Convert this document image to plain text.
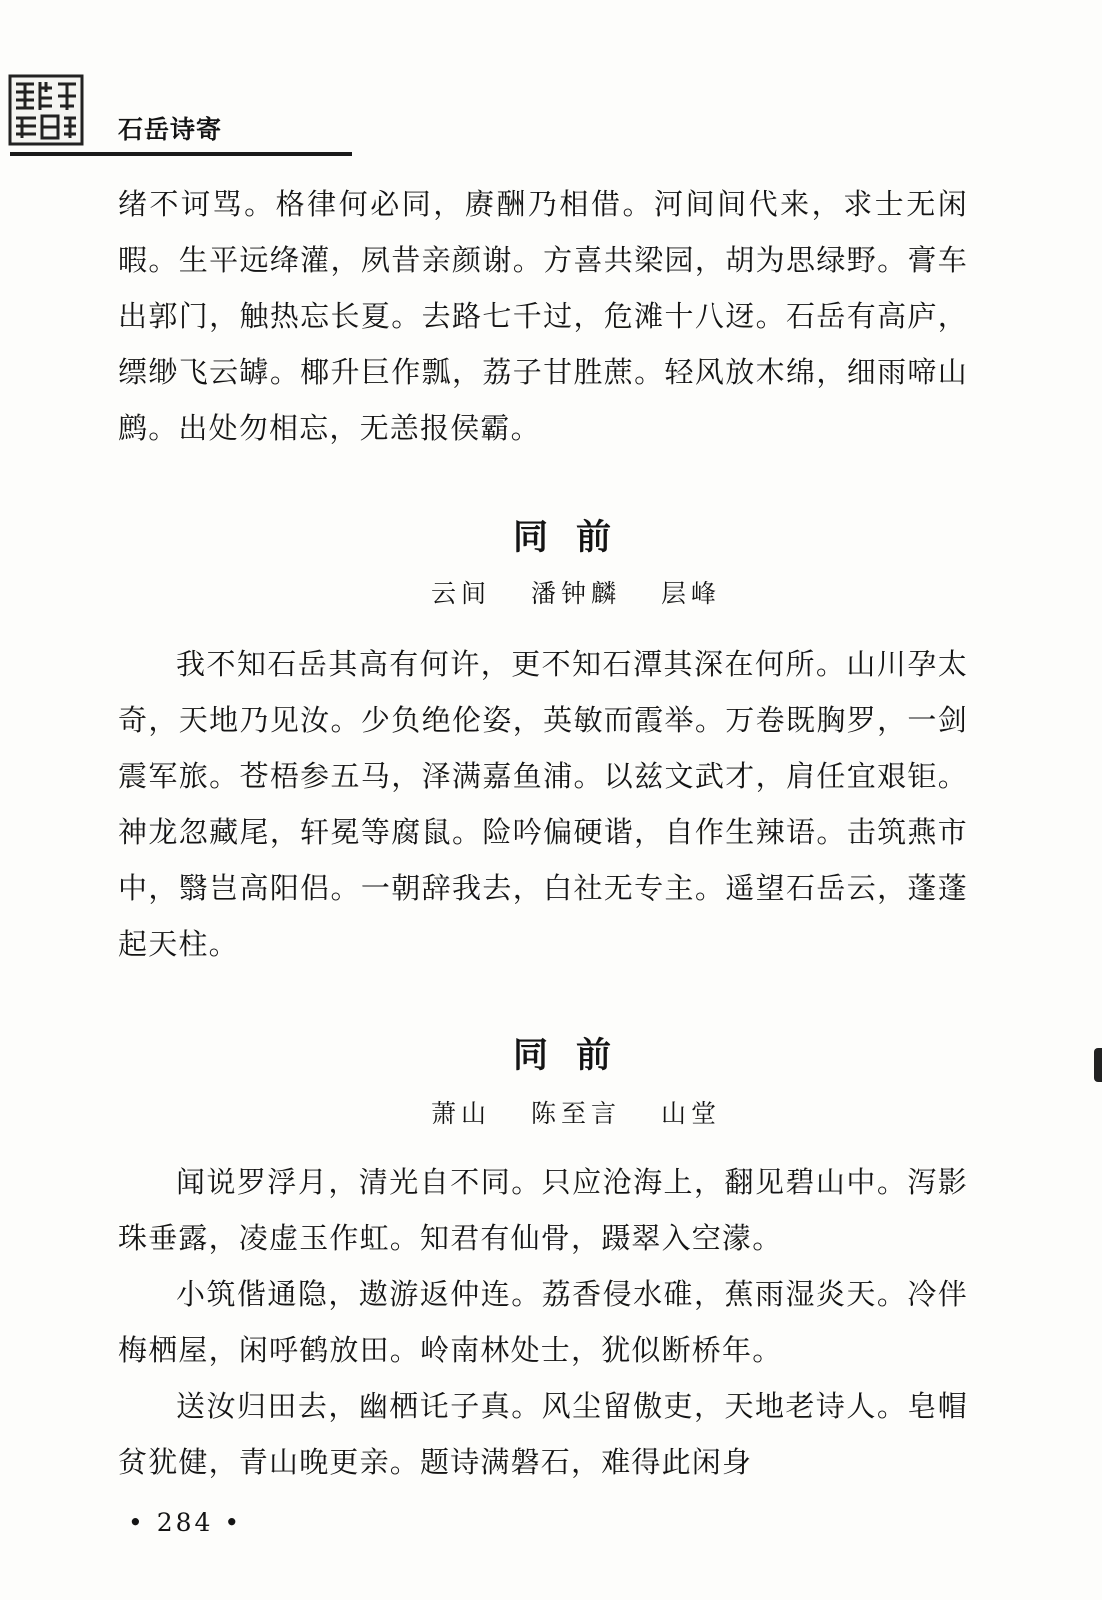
石岳诗寄

绪不诃骂。格律何必同，赓酬乃相借。河间间代来，求士无闲暇。生平远绛灌，夙昔亲颜谢。方喜共梁园，胡为思绿野。膏车出郭门，触热忘长夏。去路七千过，危滩十八迓。石岳有高庐，缥缈飞云罅。椰升巨作瓢，荔子甘胜蔗。轻风放木绵，细雨啼山鹧。出处勿相忘，无恙报侯霸。

同前
云间 潘钟麟 层峰

我不知石岳其高有何许，更不知石潭其深在何所。山川孕太奇，天地乃见汝。少负绝伦姿，英敏而霞举。万卷既胸罗，一剑震军旅。苍梧参五马，泽满嘉鱼浦。以兹文武才，肩任宜艰钜。神龙忽藏尾，轩冕等腐鼠。险吟偏硬谐，自作生辣语。击筑燕市中，翳岂高阳侣。一朝辞我去，白社无专主。遥望石岳云，蓬蓬起天柱。

同前
萧山 陈至言 山堂

闻说罗浮月，清光自不同。只应沧海上，翻见碧山中。泻影珠垂露，凌虚玉作虹。知君有仙骨，蹑翠入空濛。

小筑偕通隐，遨游返仲连。荔香侵水碓，蕉雨湿炎天。冷伴梅栖屋，闲呼鹤放田。岭南林处士，犹似断桥年。

送汝归田去，幽栖讬子真。风尘留傲吏，天地老诗人。皂帽贫犹健，青山晚更亲。题诗满磐石，难得此闲身

• 284 •
